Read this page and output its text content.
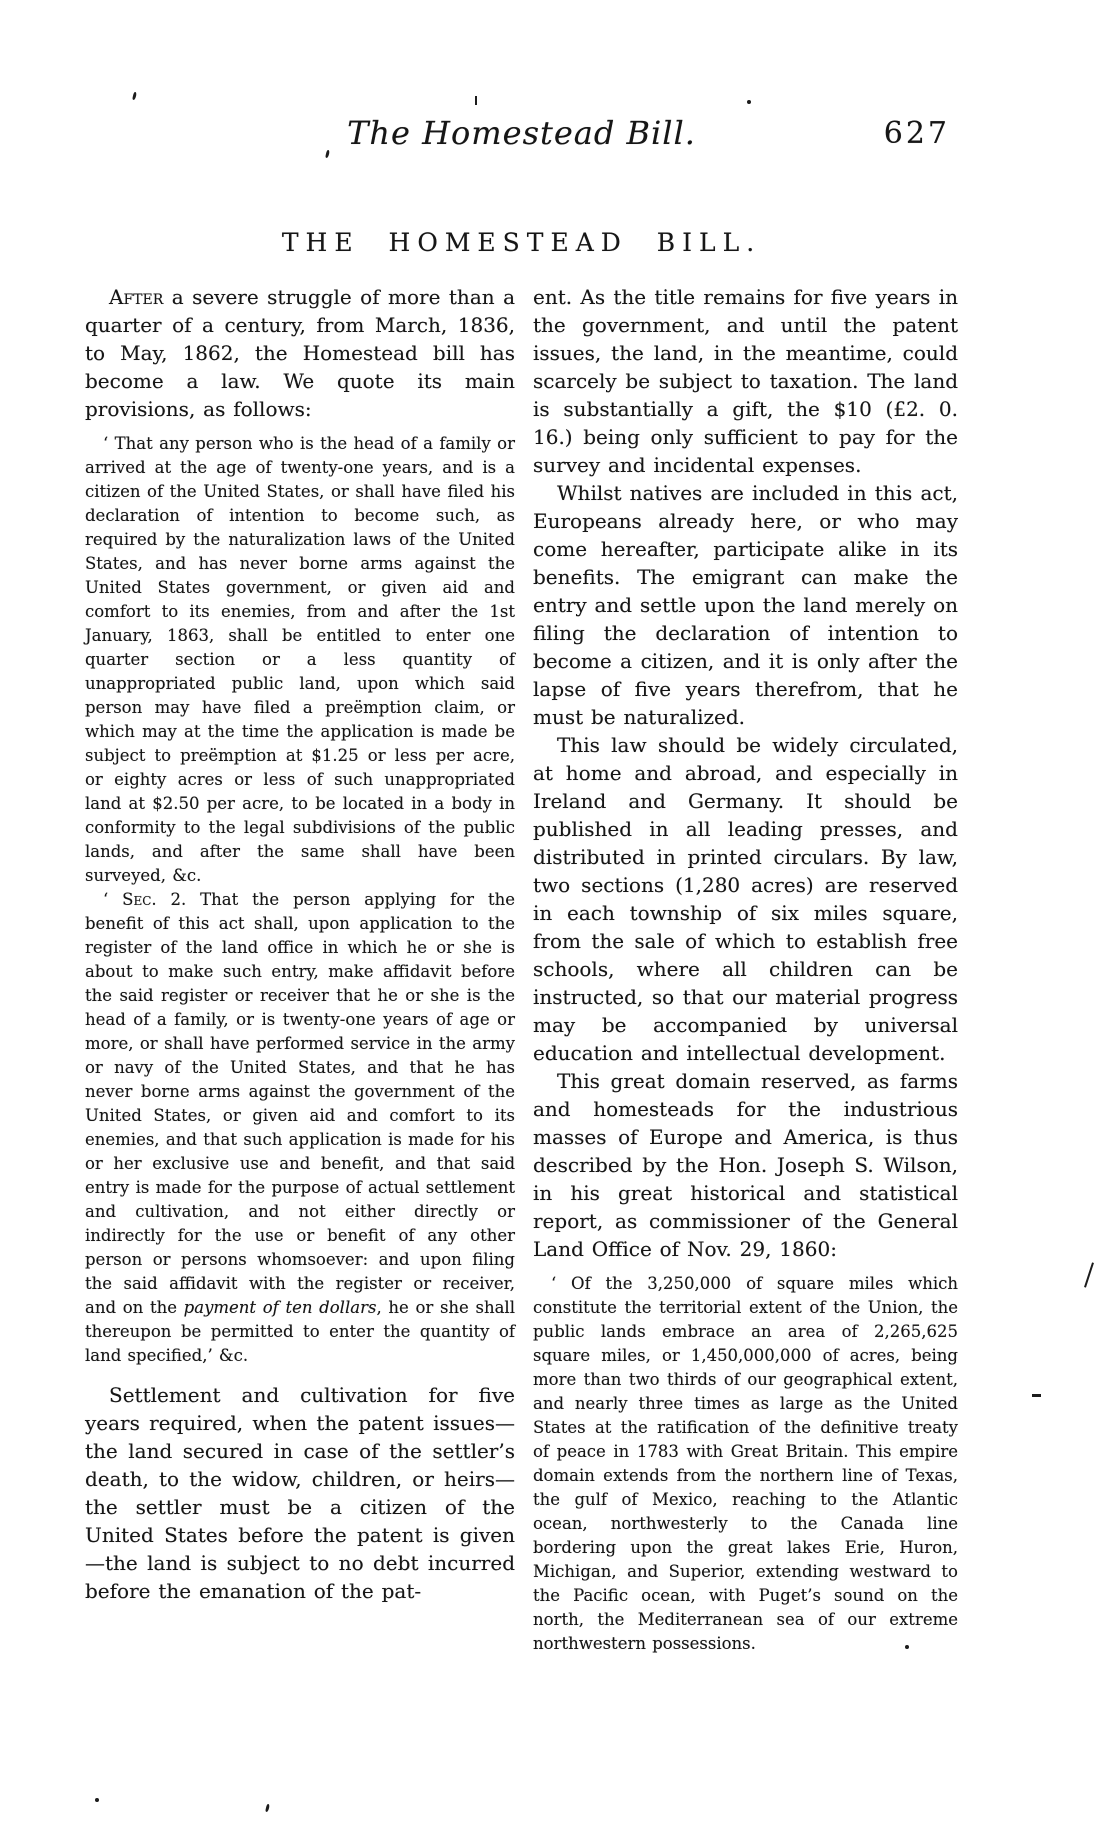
The Homestead Bill.	627
THE HOMESTEAD BILL.

After a severe struggle of more than a quarter of a century, from March, 1836, to May, 1862, the Homestead bill has become a law. We quote its main provisions, as follows:

‘ That any person who is the head of a family or arrived at the age of twenty-one years, and is a citizen of the United States, or shall have filed his declaration of intention to become such, as required by the naturalization laws of the United States, and has never borne arms against the United States government, or given aid and comfort to its enemies, from and after the 1st January, 1863, shall be entitled to enter one quarter section or a less quantity of unappropriated public land, upon which said person may have filed a preëmption claim, or which may at the time the application is made be subject to preëmption at $1.25 or less per acre, or eighty acres or less of such unappropriated land at $2.50 per acre, to be located in a body in conformity to the legal subdivisions of the public lands, and after the same shall have been surveyed, &c.

‘ Sec. 2. That the person applying for the benefit of this act shall, upon application to the register of the land office in which he or she is about to make such entry, make affidavit before the said register or receiver that he or she is the head of a family, or is twenty-one years of age or more, or shall have performed service in the army or navy of the United States, and that he has never borne arms against the government of the United States, or given aid and comfort to its enemies, and that such application is made for his or her exclusive use and benefit, and that said entry is made for the purpose of actual settlement and cultivation, and not either directly or indirectly for the use or benefit of any other person or persons whomsoever: and upon filing the said affidavit with the register or receiver, and on the payment of ten dollars, he or she shall thereupon be permitted to enter the quantity of land specified,’ &c.

Settlement and cultivation for five years required, when the patent issues—the land secured in case of the settler’s death, to the widow, children, or heirs—the settler must be a citizen of the United States before the patent is given—the land is subject to no debt incurred before the emanation of the pat-

ent. As the title remains for five years in the government, and until the patent issues, the land, in the meantime, could scarcely be subject to taxation. The land is substantially a gift, the $10 (£2. 0. 16.) being only sufficient to pay for the survey and incidental expenses.

Whilst natives are included in this act, Europeans already here, or who may come hereafter, participate alike in its benefits. The emigrant can make the entry and settle upon the land merely on filing the declaration of intention to become a citizen, and it is only after the lapse of five years therefrom, that he must be naturalized.

This law should be widely circulated, at home and abroad, and especially in Ireland and Germany. It should be published in all leading presses, and distributed in printed circulars. By law, two sections (1,280 acres) are reserved in each township of six miles square, from the sale of which to establish free schools, where all children can be instructed, so that our material progress may be accompanied by universal education and intellectual development.

This great domain reserved, as farms and homesteads for the industrious masses of Europe and America, is thus described by the Hon. Joseph S. Wilson, in his great historical and statistical report, as commissioner of the General Land Office of Nov. 29, 1860:

‘ Of the 3,250,000 of square miles which constitute the territorial extent of the Union, the public lands embrace an area of 2,265,625 square miles, or 1,450,000,000 of acres, being more than two thirds of our geographical extent, and nearly three times as large as the United States at the ratification of the definitive treaty of peace in 1783 with Great Britain. This empire domain extends from the northern line of Texas, the gulf of Mexico, reaching to the Atlantic ocean, northwesterly to the Canada line bordering upon the great lakes Erie, Huron, Michigan, and Superior, extending westward to the Pacific ocean, with Puget’s sound on the north, the Mediterranean sea of our extreme northwestern possessions.
